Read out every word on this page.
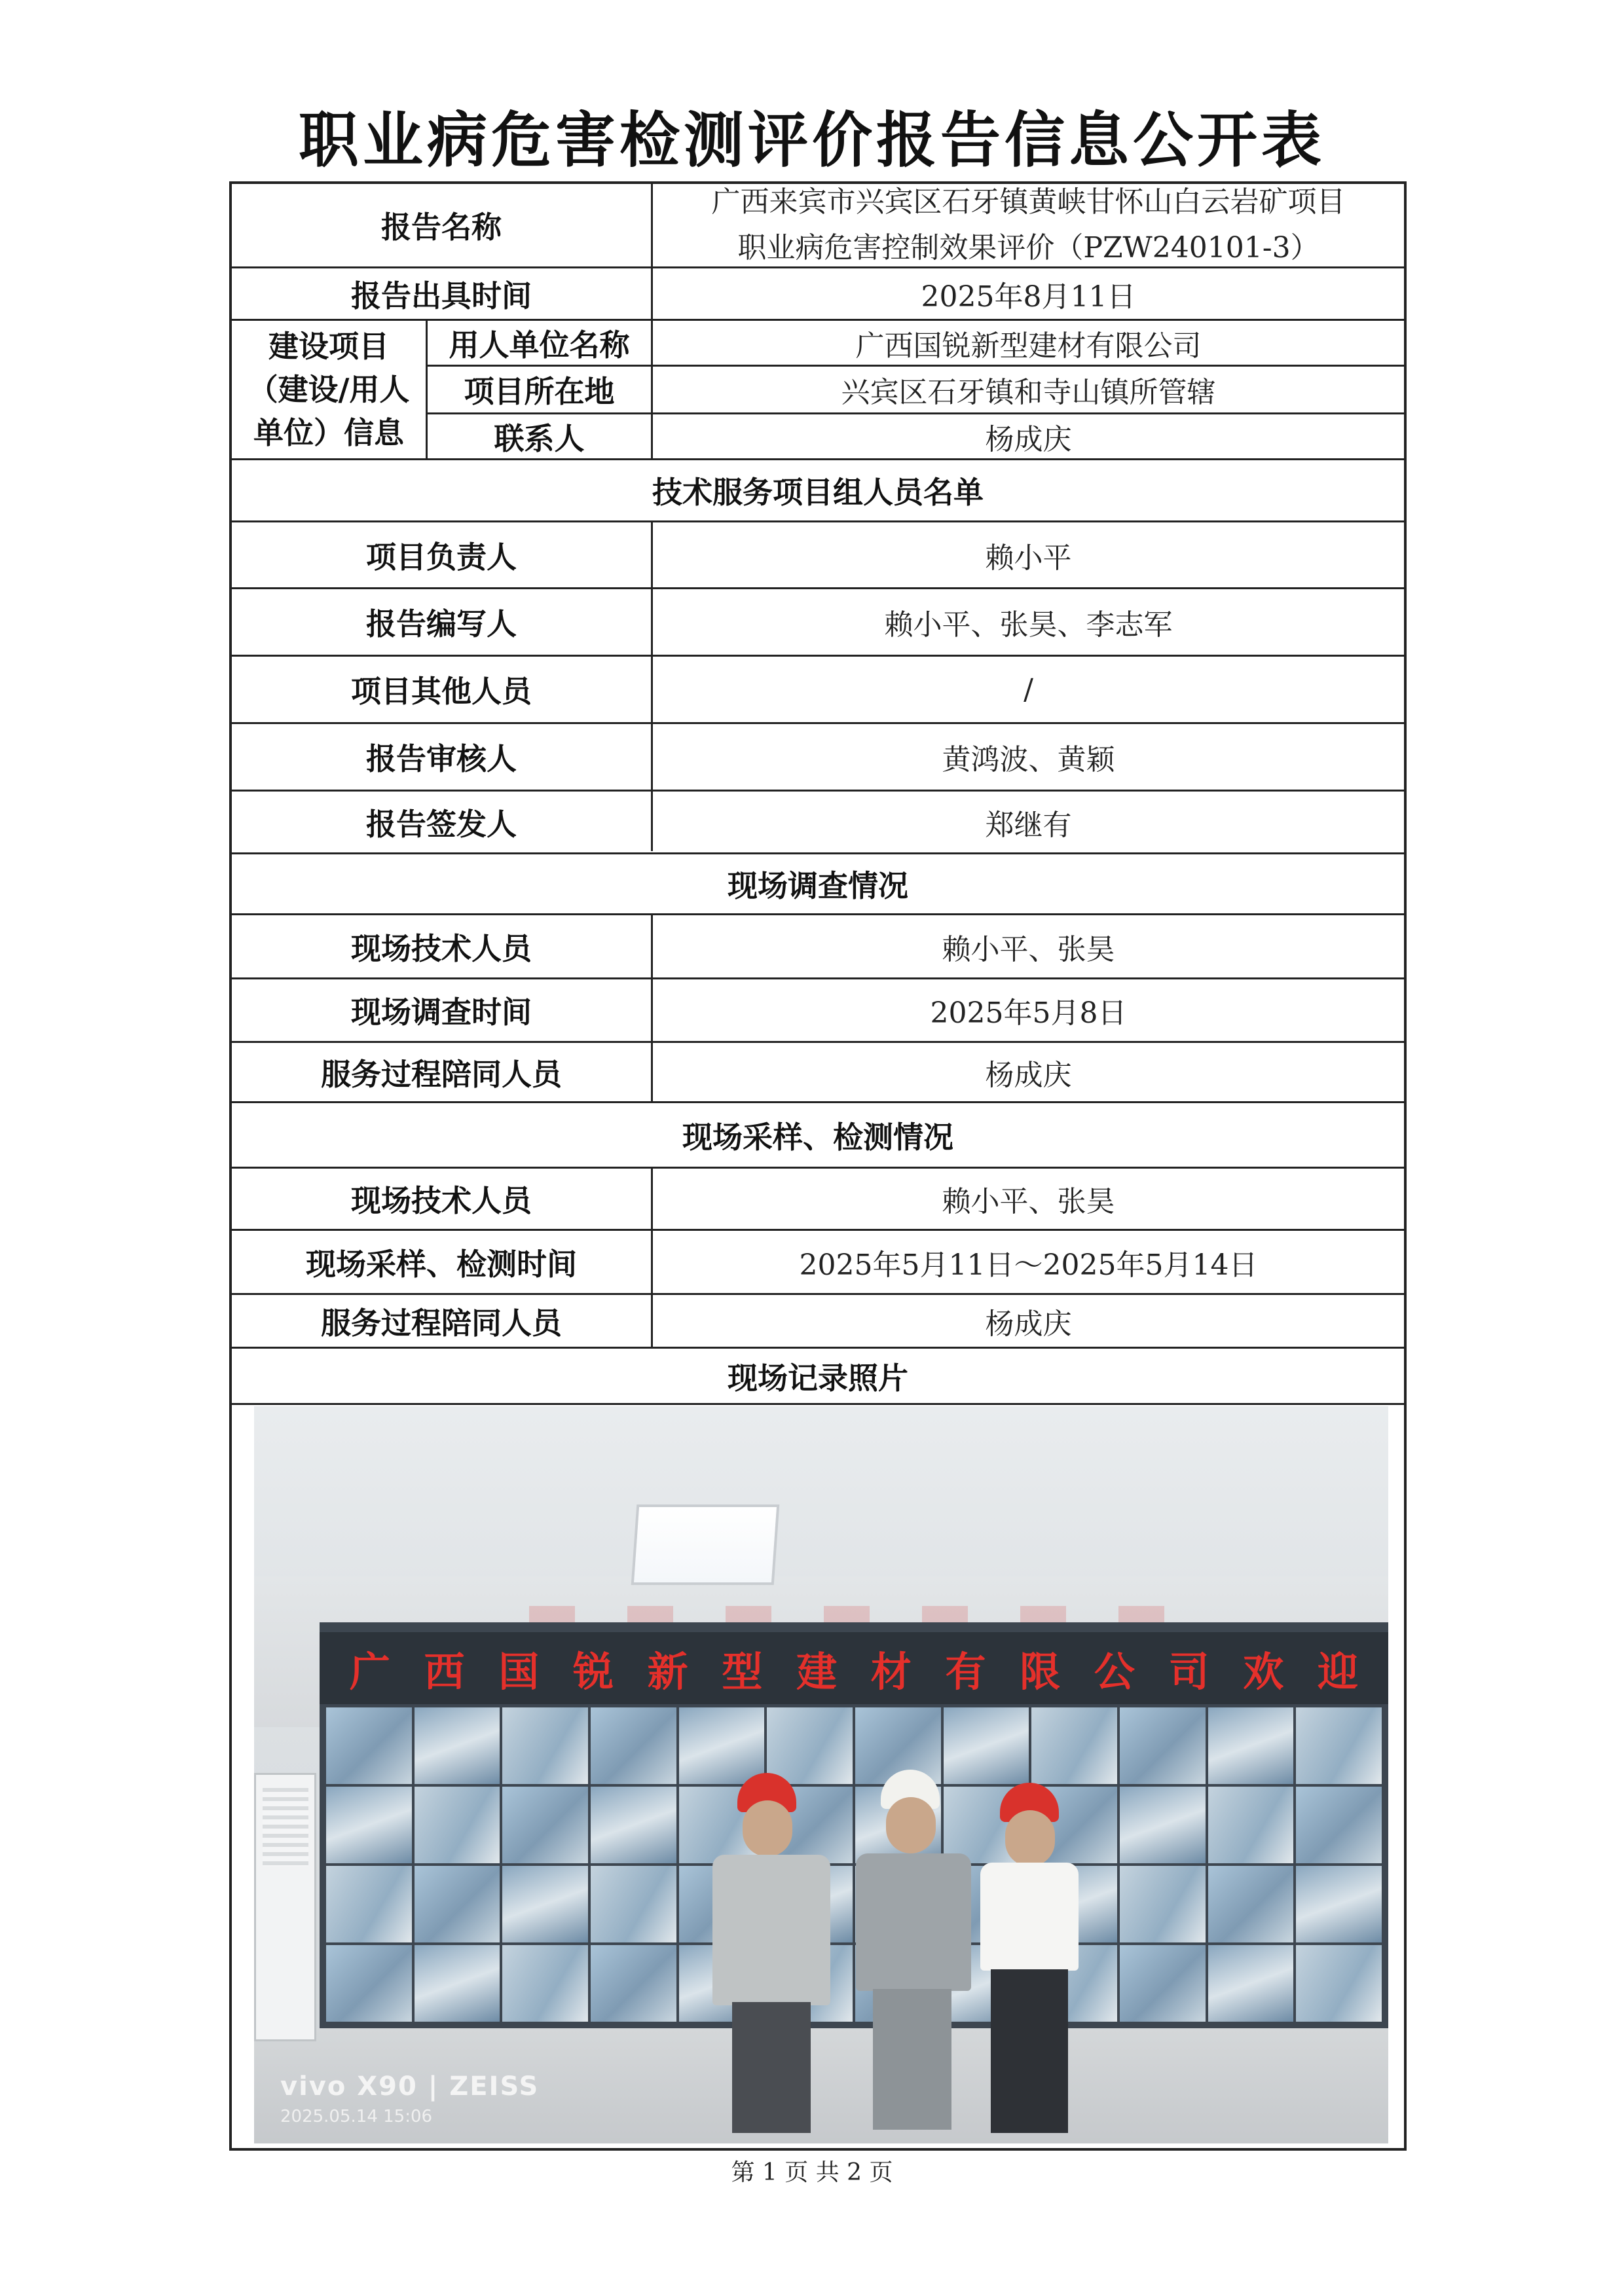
职业病危害检测评价报告信息公开表
报告名称
广西来宾市兴宾区石牙镇黄峡甘怀山白云岩矿项目
职业病危害控制效果评价（PZW240101-3）
报告出具时间	2025年8月11日
建设项目
（建设/用人
单位）信息
用人单位名称	广西国锐新型建材有限公司
项目所在地	兴宾区石牙镇和寺山镇所管辖
联系人	杨成庆
技术服务项目组人员名单
项目负责人	赖小平
报告编写人	赖小平、张昊、李志军
项目其他人员	/
报告审核人	黄鸿波、黄颖
报告签发人	郑继有
现场调查情况
现场技术人员	赖小平、张昊
现场调查时间	2025年5月8日
服务过程陪同人员	杨成庆
现场采样、检测情况
现场技术人员	赖小平、张昊
现场采样、检测时间	2025年5月11日～2025年5月14日
服务过程陪同人员	杨成庆
现场记录照片
广 西 国 锐 新 型 建 材 有 限 公 司 欢 迎
vivo X90 | ZEISS
2025.05.14 15:06
第 1 页 共 2 页
